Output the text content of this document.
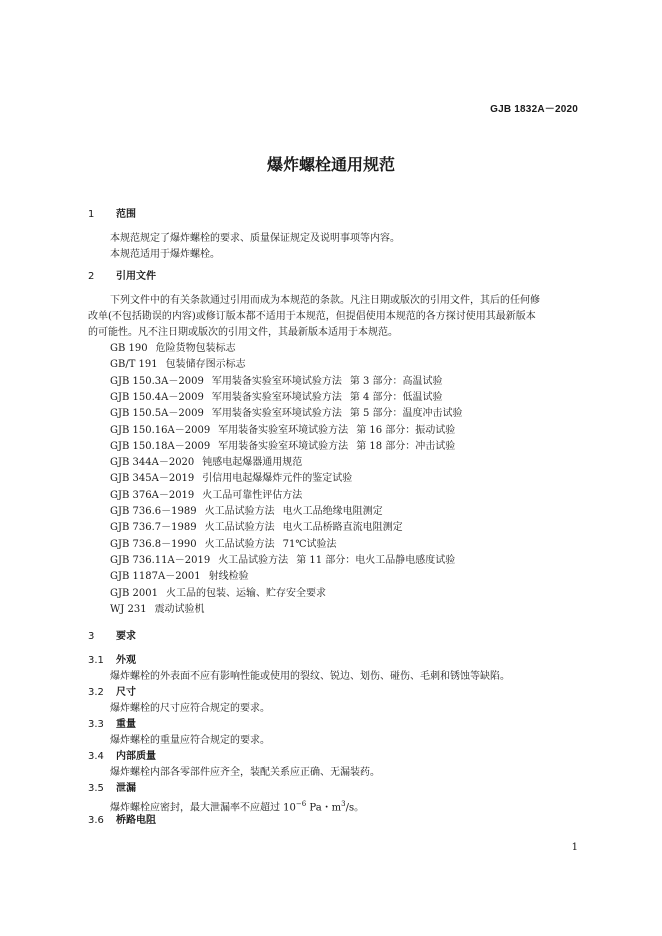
GJB 1832A－2020
爆炸螺栓通用规范
1 范围
本规范规定了爆炸螺栓的要求、质量保证规定及说明事项等内容。
本规范适用于爆炸螺栓。
2 引用文件
下列文件中的有关条款通过引用而成为本规范的条款。凡注日期或版次的引用文件，其后的任何修
改单(不包括勘误的内容)或修订版本都不适用于本规范，但提倡使用本规范的各方探讨使用其最新版本
的可能性。凡不注日期或版次的引用文件，其最新版本适用于本规范。
GB 190 危险货物包装标志
GB/T 191 包装储存图示标志
GJB 150.3A－2009 军用装备实验室环境试验方法 第 3 部分：高温试验
GJB 150.4A－2009 军用装备实验室环境试验方法 第 4 部分：低温试验
GJB 150.5A－2009 军用装备实验室环境试验方法 第 5 部分：温度冲击试验
GJB 150.16A－2009 军用装备实验室环境试验方法 第 16 部分：振动试验
GJB 150.18A－2009 军用装备实验室环境试验方法 第 18 部分：冲击试验
GJB 344A－2020 钝感电起爆器通用规范
GJB 345A－2019 引信用电起爆爆炸元件的鉴定试验
GJB 376A－2019 火工品可靠性评估方法
GJB 736.6－1989 火工品试验方法 电火工品绝缘电阻测定
GJB 736.7－1989 火工品试验方法 电火工品桥路直流电阻测定
GJB 736.8－1990 火工品试验方法 71℃试验法
GJB 736.11A－2019 火工品试验方法 第 11 部分：电火工品静电感度试验
GJB 1187A－2001 射线检验
GJB 2001 火工品的包装、运输、贮存安全要求
WJ 231 震动试验机
3 要求
3.1 外观
爆炸螺栓的外表面不应有影响性能或使用的裂纹、锐边、划伤、碰伤、毛刺和锈蚀等缺陷。
3.2 尺寸
爆炸螺栓的尺寸应符合规定的要求。
3.3 重量
爆炸螺栓的重量应符合规定的要求。
3.4 内部质量
爆炸螺栓内部各零部件应齐全，装配关系应正确、无漏装药。
3.5 泄漏
爆炸螺栓应密封，最大泄漏率不应超过 $10^{-6}$ Pa・$m^3/s$。
3.6 桥路电阻
1
